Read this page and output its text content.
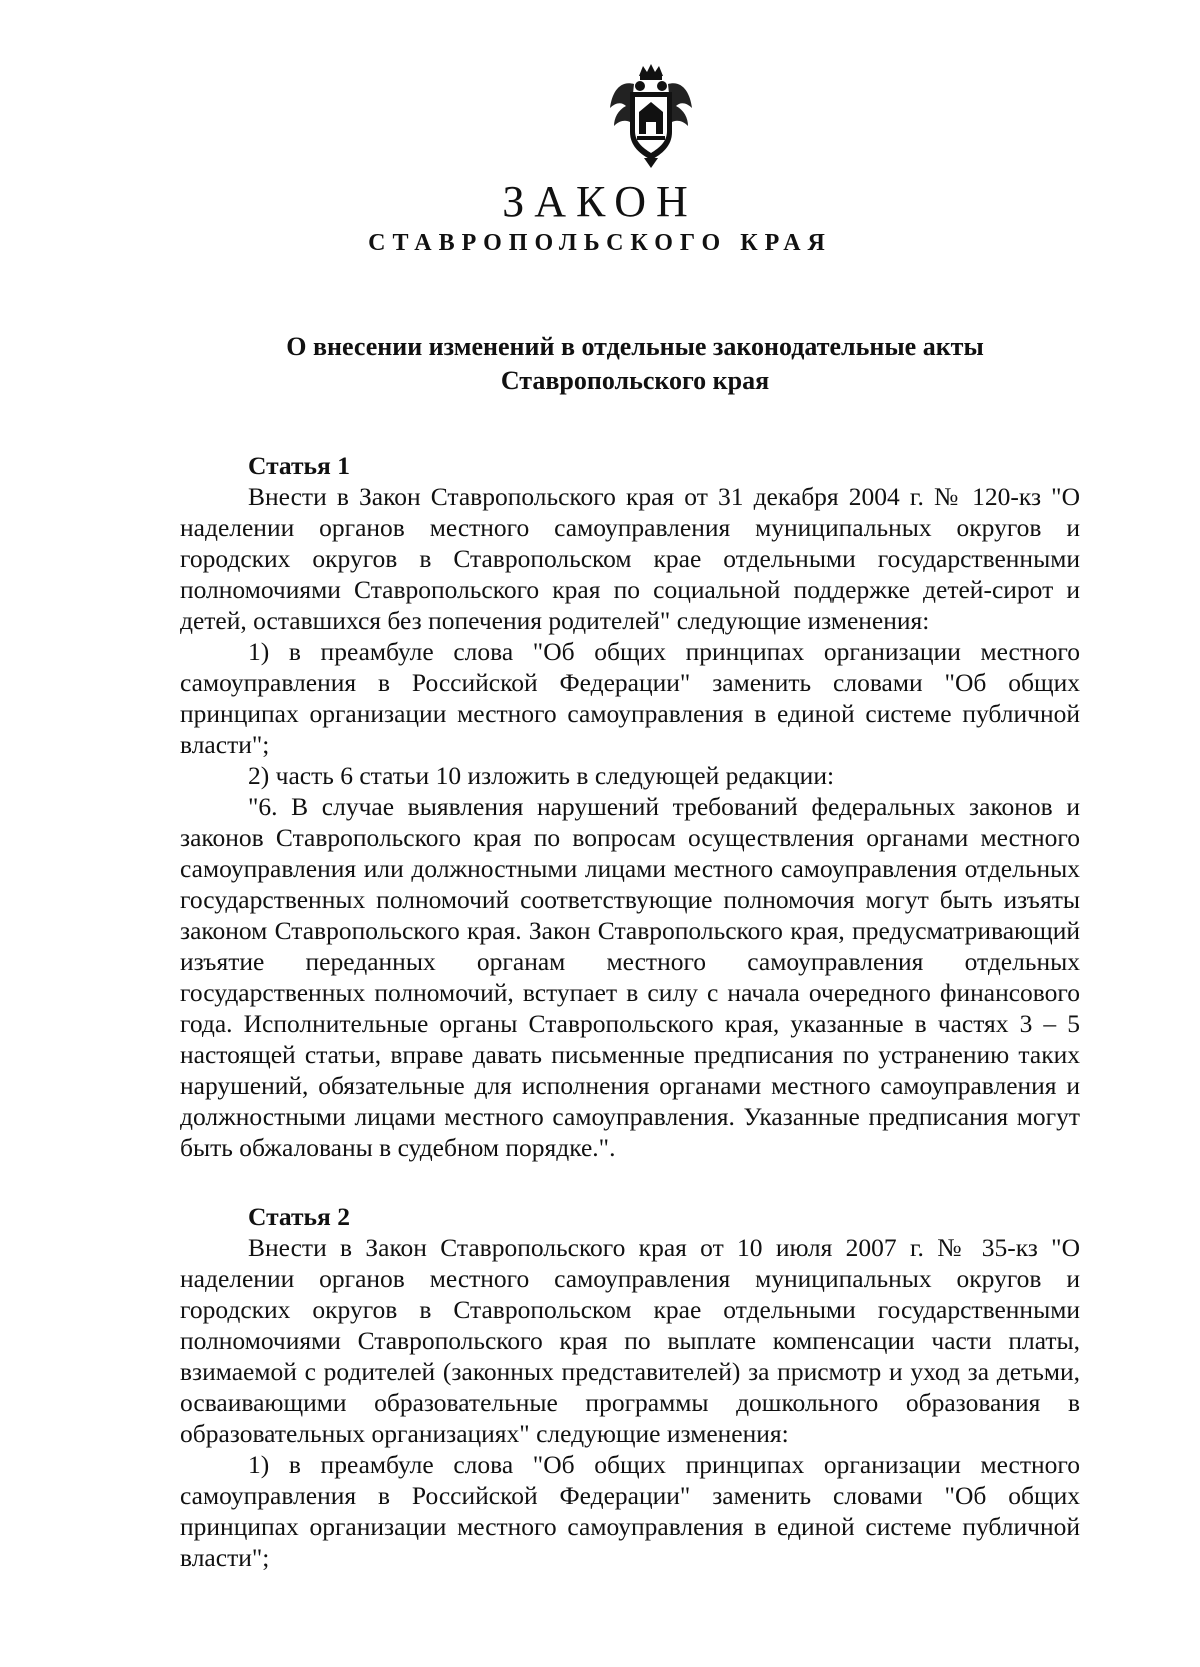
ЗАКОН
СТАВРОПОЛЬСКОГО КРАЯ
О внесении изменений в отдельные законодательные акты
Ставропольского края

Статья 1

Внести в Закон Ставропольского края от 31 декабря 2004 г. № 120-кз "О наделении органов местного самоуправления муниципальных округов и городских округов в Ставропольском крае отдельными государственными полномочиями Ставропольского края по социальной поддержке детей-сирот и детей, оставшихся без попечения родителей" следующие изменения:

1) в преамбуле слова "Об общих принципах организации местного самоуправления в Российской Федерации" заменить словами "Об общих принципах организации местного самоуправления в единой системе публичной власти";

2) часть 6 статьи 10 изложить в следующей редакции:

"6. В случае выявления нарушений требований федеральных законов и законов Ставропольского края по вопросам осуществления органами местного самоуправления или должностными лицами местного самоуправления отдельных государственных полномочий соответствующие полномочия могут быть изъяты законом Ставропольского края. Закон Ставропольского края, предусматривающий изъятие переданных органам местного самоуправления отдельных государственных полномочий, вступает в силу с начала очередного финансового года. Исполнительные органы Ставропольского края, указанные в частях 3 – 5 настоящей статьи, вправе давать письменные предписания по устранению таких нарушений, обязательные для исполнения органами местного самоуправления и должностными лицами местного самоуправления. Указанные предписания могут быть обжалованы в судебном порядке.".

Статья 2

Внести в Закон Ставропольского края от 10 июля 2007 г. № 35-кз "О наделении органов местного самоуправления муниципальных округов и городских округов в Ставропольском крае отдельными государственными полномочиями Ставропольского края по выплате компенсации части платы, взимаемой с родителей (законных представителей) за присмотр и уход за детьми, осваивающими образовательные программы дошкольного образования в образовательных организациях" следующие изменения:

1) в преамбуле слова "Об общих принципах организации местного самоуправления в Российской Федерации" заменить словами "Об общих принципах организации местного самоуправления в единой системе публичной власти";
